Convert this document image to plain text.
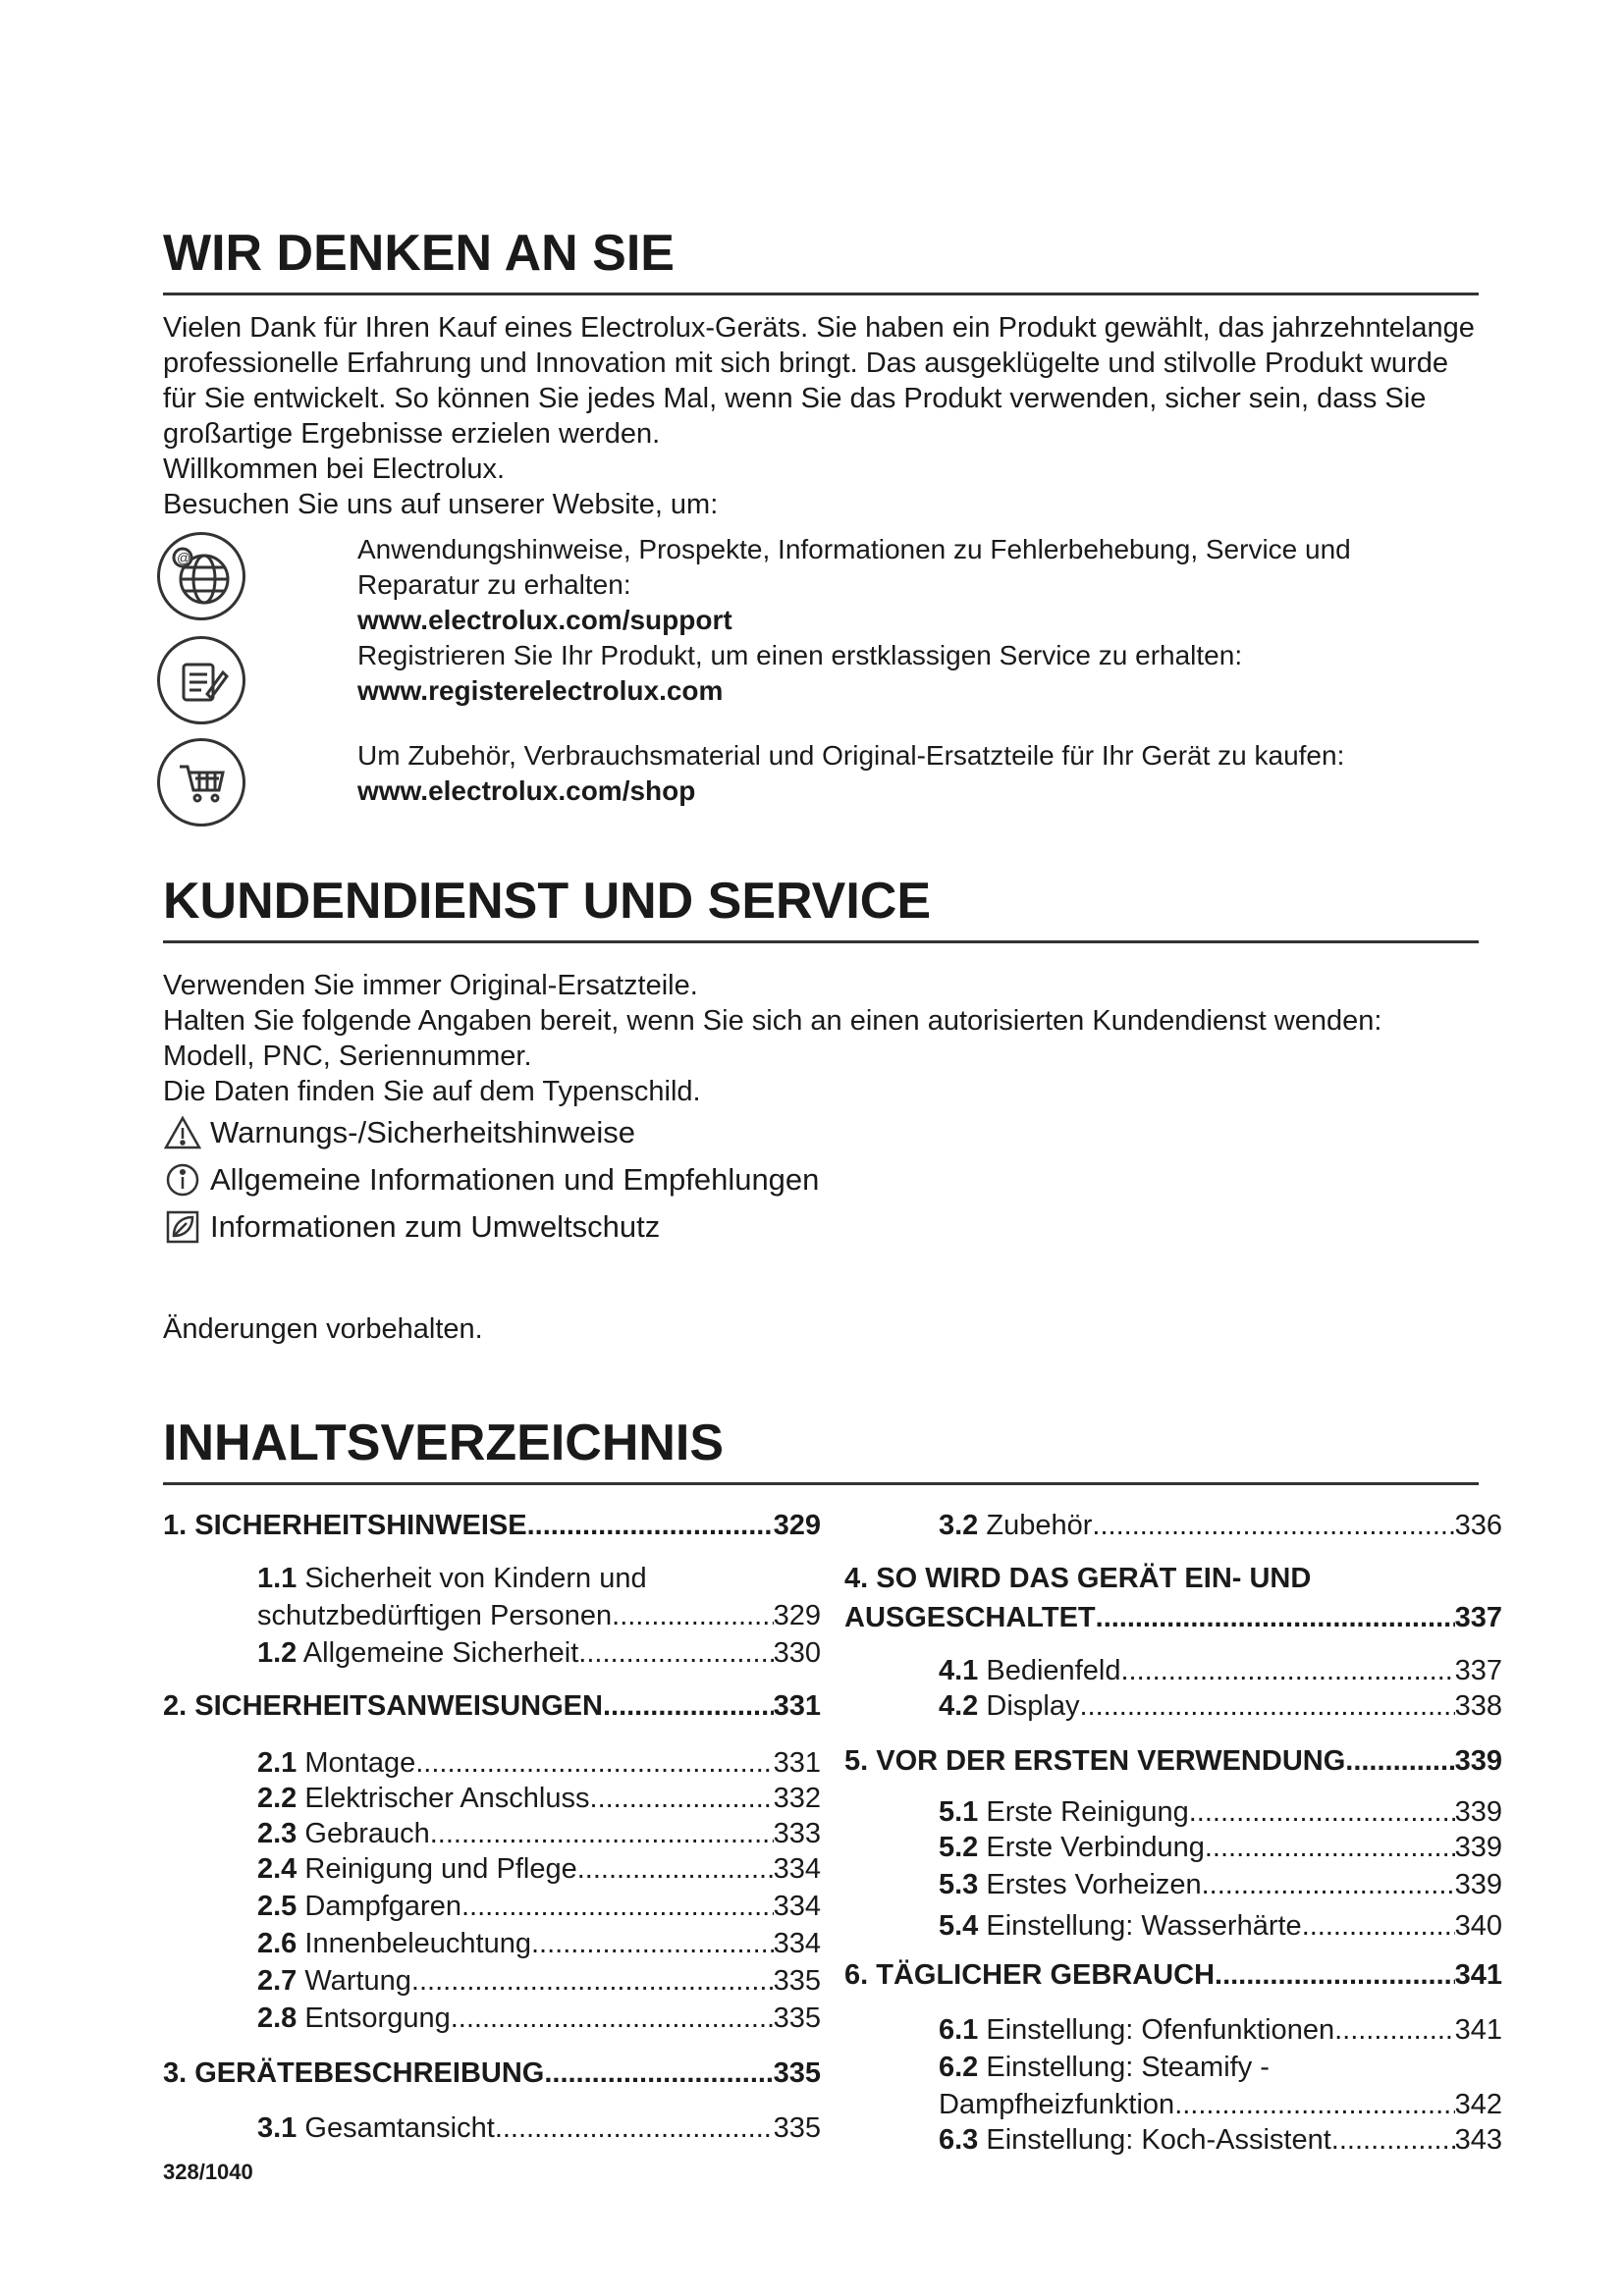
WIR DENKEN AN SIE

Vielen Dank für Ihren Kauf eines Electrolux-Geräts. Sie haben ein Produkt gewählt, das jahrzehntelange professionelle Erfahrung und Innovation mit sich bringt. Das ausgeklügelte und stilvolle Produkt wurde für Sie entwickelt. So können Sie jedes Mal, wenn Sie das Produkt verwenden, sicher sein, dass Sie großartige Ergebnisse erzielen werden.

Willkommen bei Electrolux.

Besuchen Sie uns auf unserer Website, um:

@	Anwendungshinweise, Prospekte, Informationen zu Fehlerbehebung, Service und Reparatur zu erhalten:
www.electrolux.com/support
Registrieren Sie Ihr Produkt, um einen erstklassigen Service zu erhalten:
www.registerelectrolux.com
Um Zubehör, Verbrauchsmaterial und Original-Ersatzteile für Ihr Gerät zu kaufen:
www.electrolux.com/shop
KUNDENDIENST UND SERVICE

Verwenden Sie immer Original-Ersatzteile.

Halten Sie folgende Angaben bereit, wenn Sie sich an einen autorisierten Kundendienst wenden: Modell, PNC, Seriennummer.

Die Daten finden Sie auf dem Typenschild.

Warnungs-/Sicherheitshinweise
Allgemeine Informationen und Empfehlungen
Informationen zum Umweltschutz
Änderungen vorbehalten.
INHALTSVERZEICHNIS
1. SICHERHEITSHINWEISE .....	329
1.1 Sicherheit von Kindern und
schutzbedürftigen Personen .....	329
1.2 Allgemeine Sicherheit .....	330
2. SICHERHEITSANWEISUNGEN .....	331
2.1 Montage .....	331
2.2 Elektrischer Anschluss .....	332
2.3 Gebrauch .....	333
2.4 Reinigung und Pflege .....	334
2.5 Dampfgaren .....	334
2.6 Innenbeleuchtung .....	334
2.7 Wartung .....	335
2.8 Entsorgung .....	335
3. GERÄTEBESCHREIBUNG .....	335
3.1 Gesamtansicht .....	335
3.2 Zubehör .....	336
4. SO WIRD DAS GERÄT EIN- UND
AUSGESCHALTET .....	337
4.1 Bedienfeld .....	337
4.2 Display .....	338
5. VOR DER ERSTEN VERWENDUNG .....	339
5.1 Erste Reinigung .....	339
5.2 Erste Verbindung .....	339
5.3 Erstes Vorheizen .....	339
5.4 Einstellung: Wasserhärte .....	340
6. TÄGLICHER GEBRAUCH .....	341
6.1 Einstellung: Ofenfunktionen .....	341
6.2 Einstellung: Steamify -
Dampfheizfunktion .....	342
6.3 Einstellung: Koch-Assistent .....	343
328/1040
